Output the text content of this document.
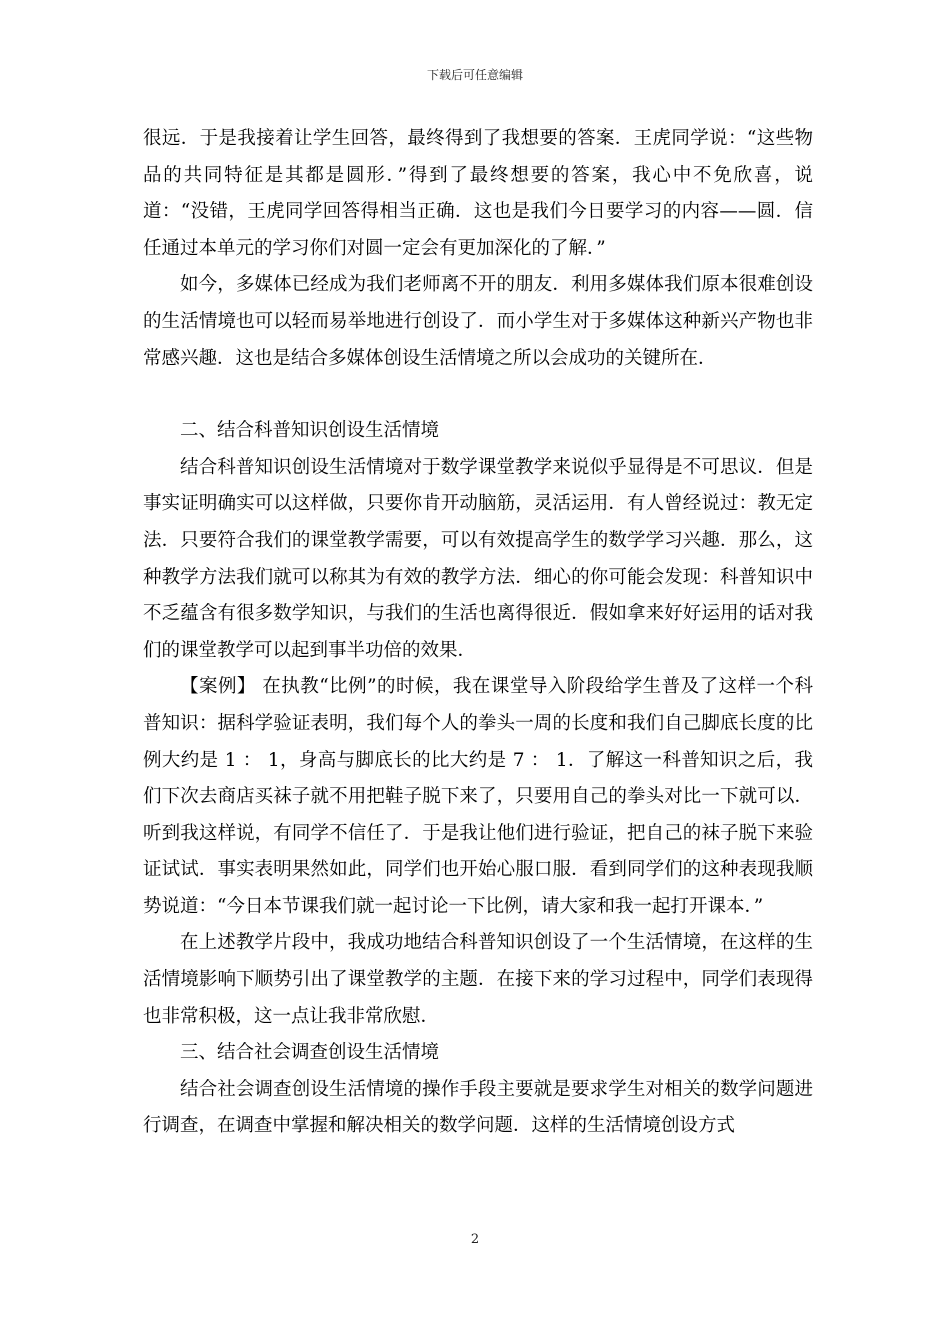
下载后可任意编辑

很远．于是我接着让学生回答，最终得到了我想要的答案．王虎同学说：“这些物品的共同特征是其都是圆形．”得到了最终想要的答案，我心中不免欣喜，说道：“没错，王虎同学回答得相当正确．这也是我们今日要学习的内容——圆．信任通过本单元的学习你们对圆一定会有更加深化的了解．”

如今，多媒体已经成为我们老师离不开的朋友．利用多媒体我们原本很难创设的生活情境也可以轻而易举地进行创设了．而小学生对于多媒体这种新兴产物也非常感兴趣．这也是结合多媒体创设生活情境之所以会成功的关键所在．

二、结合科普知识创设生活情境

结合科普知识创设生活情境对于数学课堂教学来说似乎显得是不可思议．但是事实证明确实可以这样做，只要你肯开动脑筋，灵活运用．有人曾经说过：教无定法．只要符合我们的课堂教学需要，可以有效提高学生的数学学习兴趣．那么，这种教学方法我们就可以称其为有效的教学方法．细心的你可能会发现：科普知识中不乏蕴含有很多数学知识，与我们的生活也离得很近．假如拿来好好运用的话对我们的课堂教学可以起到事半功倍的效果．

【案例】 在执教“比例”的时候，我在课堂导入阶段给学生普及了这样一个科普知识：据科学验证表明，我们每个人的拳头一周的长度和我们自己脚底长度的比例大约是 1 ： 1，身高与脚底长的比大约是 7 ： 1．了解这一科普知识之后，我们下次去商店买袜子就不用把鞋子脱下来了，只要用自己的拳头对比一下就可以．听到我这样说，有同学不信任了．于是我让他们进行验证，把自己的袜子脱下来验证试试．事实表明果然如此，同学们也开始心服口服．看到同学们的这种表现我顺势说道：“今日本节课我们就一起讨论一下比例，请大家和我一起打开课本．”

在上述教学片段中，我成功地结合科普知识创设了一个生活情境，在这样的生活情境影响下顺势引出了课堂教学的主题．在接下来的学习过程中，同学们表现得也非常积极，这一点让我非常欣慰．

三、结合社会调查创设生活情境

结合社会调查创设生活情境的操作手段主要就是要求学生对相关的数学问题进行调查，在调查中掌握和解决相关的数学问题．这样的生活情境创设方式

2
